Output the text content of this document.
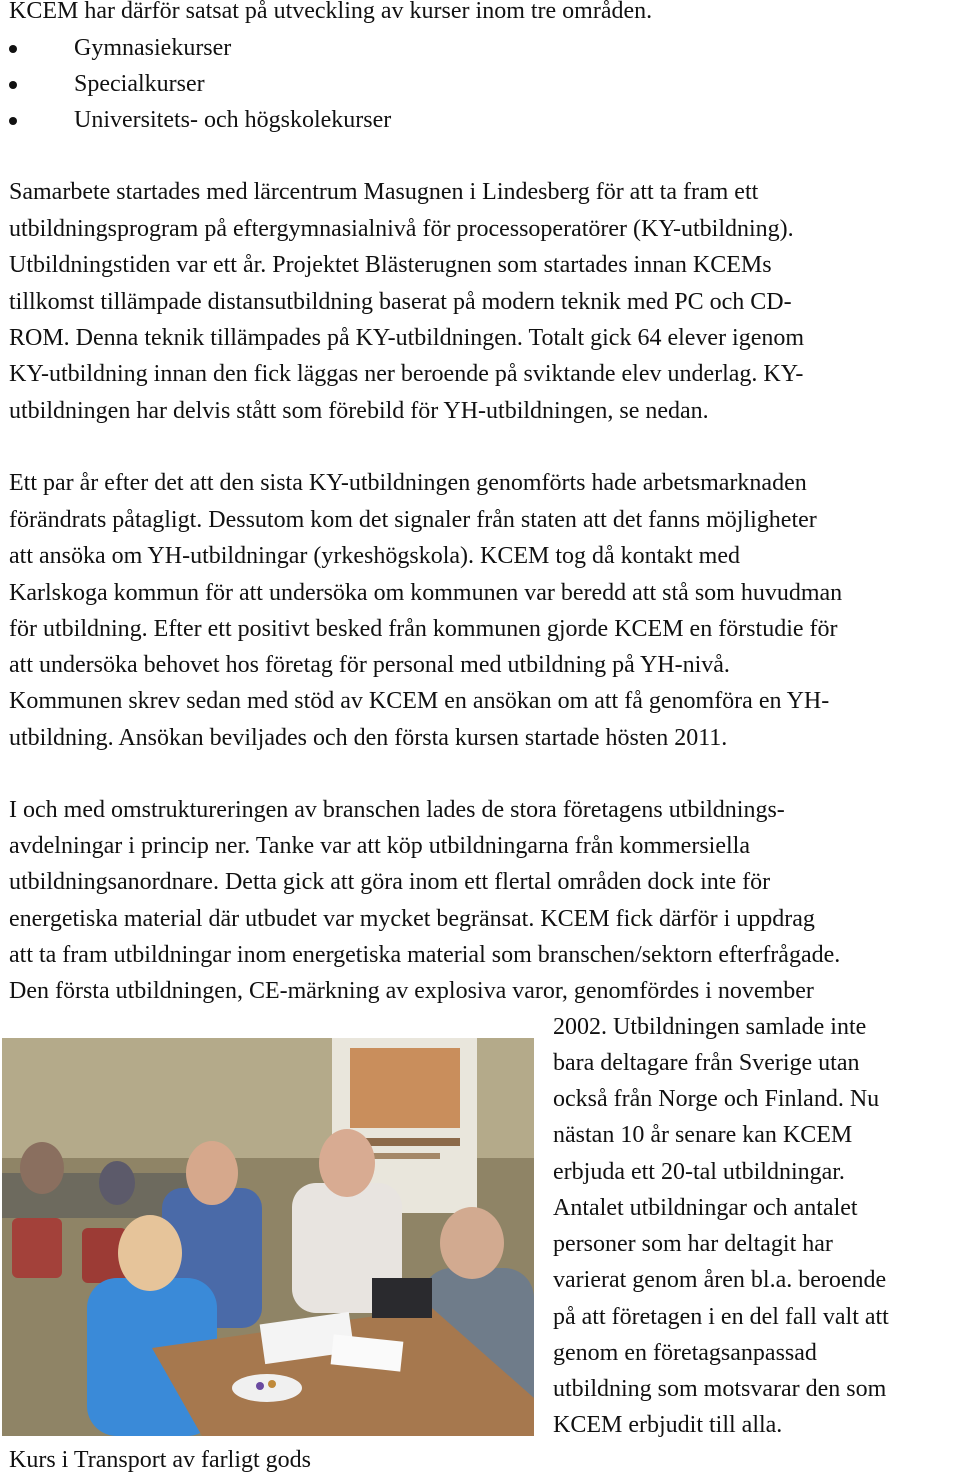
KCEM har därför satsat på utveckling av kurser inom tre områden.
Gymnasiekurser
Specialkurser
Universitets- och högskolekurser
Samarbete startades med lärcentrum Masugnen i Lindesberg för att ta fram ett
utbildningsprogram på eftergymnasialnivå för processoperatörer (KY-utbildning).
Utbildningstiden var ett år. Projektet Blästerugnen som startades innan KCEMs
tillkomst tillämpade distansutbildning baserat på modern teknik med PC och CD-
ROM. Denna teknik tillämpades på KY-utbildningen. Totalt gick 64 elever igenom
KY-utbildning innan den fick läggas ner beroende på sviktande elev underlag. KY-
utbildningen har delvis stått som förebild för YH-utbildningen, se nedan.
Ett par år efter det att den sista KY-utbildningen genomförts hade arbetsmarknaden
förändrats påtagligt. Dessutom kom det signaler från staten att det fanns möjligheter
att ansöka om YH-utbildningar (yrkeshögskola). KCEM tog då kontakt med
Karlskoga kommun för att undersöka om kommunen var beredd att stå som huvudman
för utbildning. Efter ett positivt besked från kommunen gjorde KCEM en förstudie för
att undersöka behovet hos företag för personal med utbildning på YH-nivå.
Kommunen skrev sedan med stöd av KCEM en ansökan om att få genomföra en YH-
utbildning. Ansökan beviljades och den första kursen startade hösten 2011.
I och med omstruktureringen av branschen lades de stora företagens utbildnings-
avdelningar i princip ner. Tanke var att köp utbildningarna från kommersiella
utbildningsanordnare. Detta gick att göra inom ett flertal områden dock inte för
energetiska material där utbudet var mycket begränsat. KCEM fick därför i uppdrag
att ta fram utbildningar inom energetiska material som branschen/sektorn efterfrågade.
Den första utbildningen, CE-märkning av explosiva varor, genomfördes i november
2002. Utbildningen samlade inte
bara deltagare från Sverige utan
också från Norge och Finland. Nu
nästan 10 år senare kan KCEM
erbjuda ett 20-tal utbildningar.
Antalet utbildningar och antalet
personer som har deltagit har
varierat genom åren bl.a. beroende
på att företagen i en del fall valt att
genom en företagsanpassad
utbildning som motsvarar den som
KCEM erbjudit till alla.
Kurs i Transport av farligt gods
